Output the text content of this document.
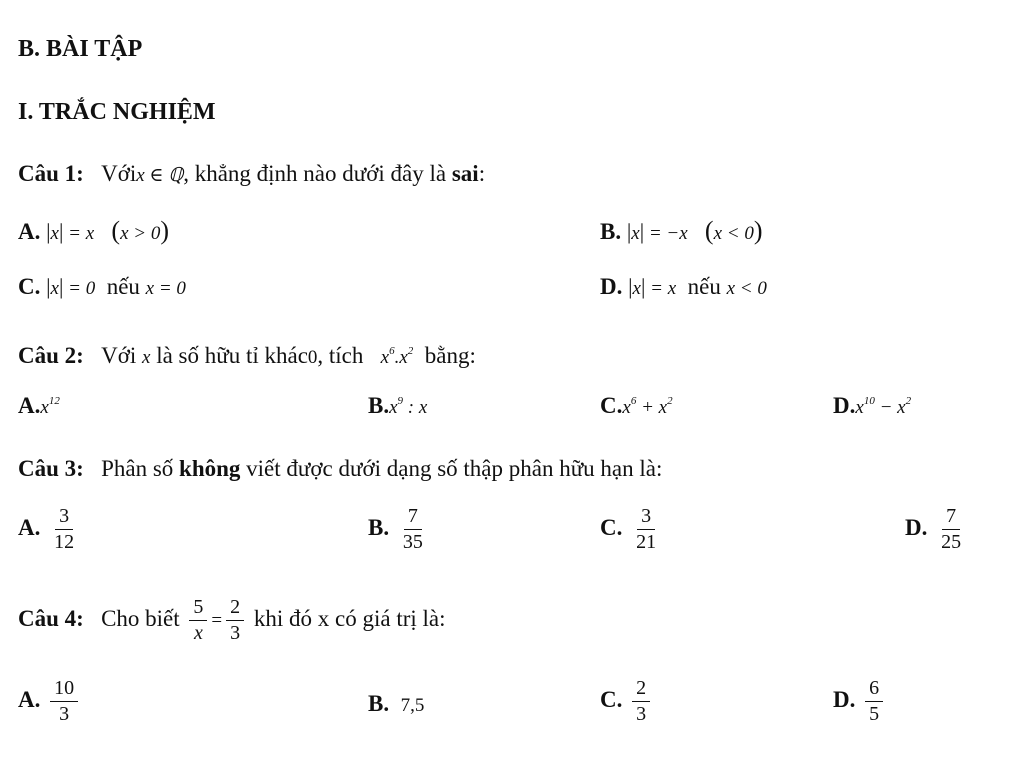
B. BÀI TẬP
I. TRẮC NGHIỆM
Câu 1: Vớix ∈ ℚ, khẳng định nào dưới đây là sai:
A. |x| = x (x > 0)	B. |x| = −x (x < 0)
C. |x| = 0 nếu x = 0	D. |x| = x nếu x < 0
Câu 2: Với x là số hữu tỉ khác0, tích $x^6.x^2$ bằng:
$A.x^{12}$	$B.x^9$ : x	$C.x^6 + x^2$	$D.x^{10} - x^2$
Câu 3: Phân số không viết được dưới dạng số thập phân hữu hạn là:
A. $\frac{3}{12}$	B. $\frac{7}{35}$	C. $\frac{3}{21}$	D. $\frac{7}{25}$
Câu 4: Cho biết $\frac{5}{x} = \frac{2}{3}$ khi đó x có giá trị là:
A. $\frac{10}{3}$	B. 7,5	C. $\frac{2}{3}$	D. $\frac{6}{5}$
